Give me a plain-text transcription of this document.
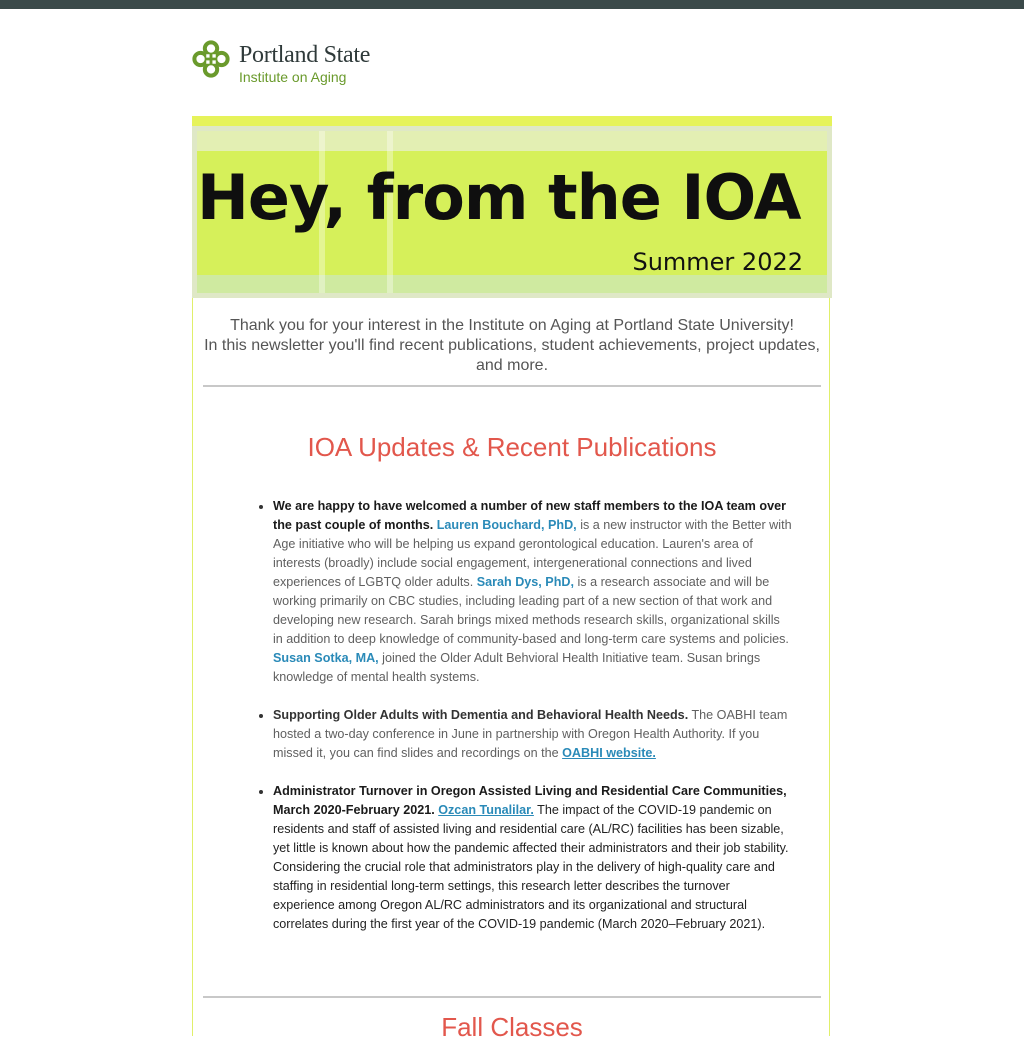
Portland State
Institute on Aging
Hey, from the IOA
Summer 2022
Thank you for your interest in the Institute on Aging at Portland State University!
In this newsletter you'll find recent publications, student achievements, project updates, and more.
IOA Updates & Recent Publications
• We are happy to have welcomed a number of new staff members to the IOA team over the past couple of months. Lauren Bouchard, PhD, is a new instructor with the Better with Age initiative who will be helping us expand gerontological education. Lauren's area of interests (broadly) include social engagement, intergenerational connections and lived experiences of LGBTQ older adults. Sarah Dys, PhD, is a research associate and will be working primarily on CBC studies, including leading part of a new section of that work and developing new research. Sarah brings mixed methods research skills, organizational skills in addition to deep knowledge of community-based and long-term care systems and policies. Susan Sotka, MA, joined the Older Adult Behvioral Health Initiative team. Susan brings knowledge of mental health systems.
• Supporting Older Adults with Dementia and Behavioral Health Needs. The OABHI team hosted a two-day conference in June in partnership with Oregon Health Authority. If you missed it, you can find slides and recordings on the OABHI website.
• Administrator Turnover in Oregon Assisted Living and Residential Care Communities, March 2020-February 2021. Ozcan Tunalilar. The impact of the COVID-19 pandemic on residents and staff of assisted living and residential care (AL/RC) facilities has been sizable, yet little is known about how the pandemic affected their administrators and their job stability. Considering the crucial role that administrators play in the delivery of high-quality care and staffing in residential long-term settings, this research letter describes the turnover experience among Oregon AL/RC administrators and its organizational and structural correlates during the first year of the COVID-19 pandemic (March 2020–February 2021).
Fall Classes
